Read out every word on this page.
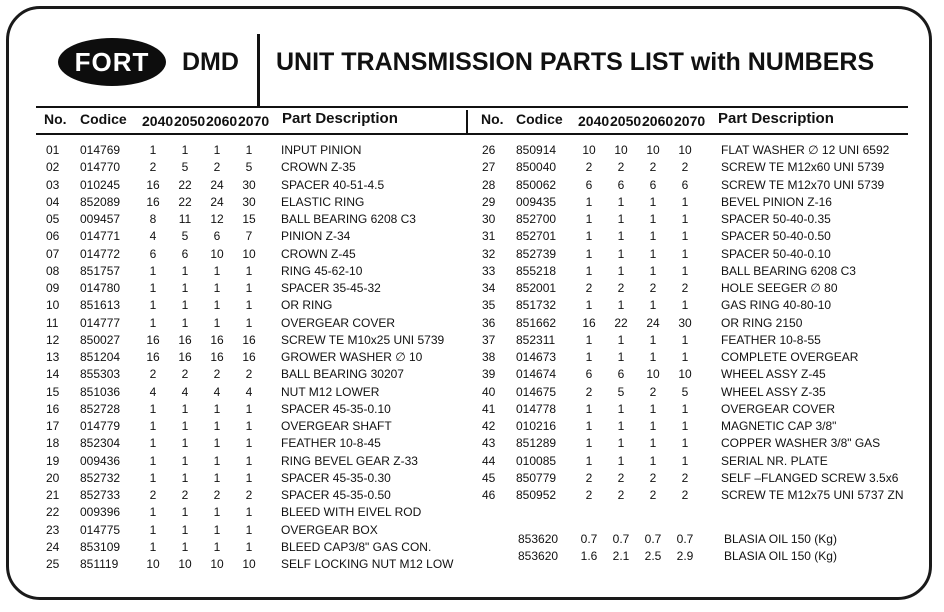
FORT DMD UNIT TRANSMISSION PARTS LIST with NUMBERS
No. Codice 2040 2050 2060 2070 Part Description	No. Codice 2040 2050 2060 2070 Part Description
01 014769	1	1	1	1	INPUT PINION
02 014770	2	5	2	5	CROWN Z-35
03 010245 16 22 24 30 SPACER 40-51-4.5
04 852089 16 22 24 30 ELASTIC RING
05 009457	8	11	12 15 BALL BEARING 6208 C3
06 014771	4	5	6	7	PINION Z-34
07 014772	6	6	10 10 CROWN Z-45
08 851757	1	1	1	1	RING 45-62-10
09 014780	1	1	1	1	SPACER 35-45-32
10 851613	1	1	1	1	OR RING
11 014777	1	1	1	1	OVERGEAR COVER
12 850027 16 16 16 16 SCREW TE M10x25 UNI 5739
13 851204 16 16 16 16 GROWER WASHER ∅ 10
14 855303	2	2	2	2	BALL BEARING 30207
15 851036	4	4	4	4	NUT M12 LOWER
16 852728	1	1	1	1	SPACER 45-35-0.10
17 014779	1	1	1	1	OVERGEAR SHAFT
18 852304	1	1	1	1	FEATHER 10-8-45
19 009436	1	1	1	1	RING BEVEL GEAR Z-33
20 852732	1	1	1	1	SPACER 45-35-0.30
21 852733	2	2	2	2	SPACER 45-35-0.50
22 009396	1	1	1	1	BLEED WITH EIVEL ROD
23 014775	1	1	1	1	OVERGEAR BOX
24 853109	1	1	1	1	BLEED CAP3/8" GAS CON.
25 851119 10 10 10 10 SELF LOCKING NUT M12 LOW
26 850914 10 10 10 10 FLAT WASHER ∅ 12 UNI 6592
27 850040	2	2	2	2	SCREW TE M12x60 UNI 5739
28 850062	6	6	6	6	SCREW TE M12x70 UNI 5739
29 009435	1	1	1	1	BEVEL PINION Z-16
30 852700	1	1	1	1	SPACER 50-40-0.35
31 852701	1	1	1	1	SPACER 50-40-0.50
32 852739	1	1	1	1	SPACER 50-40-0.10
33 855218	1	1	1	1	BALL BEARING 6208 C3
34 852001	2	2	2	2	HOLE SEEGER ∅ 80
35 851732	1	1	1	1	GAS RING 40-80-10
36 851662 16 22 24 30 OR RING 2150
37 852311	1	1	1	1	FEATHER 10-8-55
38 014673	1	1	1	1	COMPLETE OVERGEAR
39 014674	6	6	10 10 WHEEL ASSY Z-45
40 014675	2	5	2	5	WHEEL ASSY Z-35
41 014778	1	1	1	1	OVERGEAR COVER
42 010216	1	1	1	1	MAGNETIC CAP 3/8"
43 851289	1	1	1	1	COPPER WASHER 3/8" GAS
44 010085	1	1	1	1	SERIAL NR. PLATE
45 850779	2	2	2	2	SELF –FLANGED SCREW 3.5x6
46 850952	2	2	2	2	SCREW TE M12x75 UNI 5737 ZN
853620 0.7 0.7 0.7 0.7	BLASIA OIL 150 (Kg)
853620 1.6 2.1 2.5 2.9	BLASIA OIL 150 (Kg)
